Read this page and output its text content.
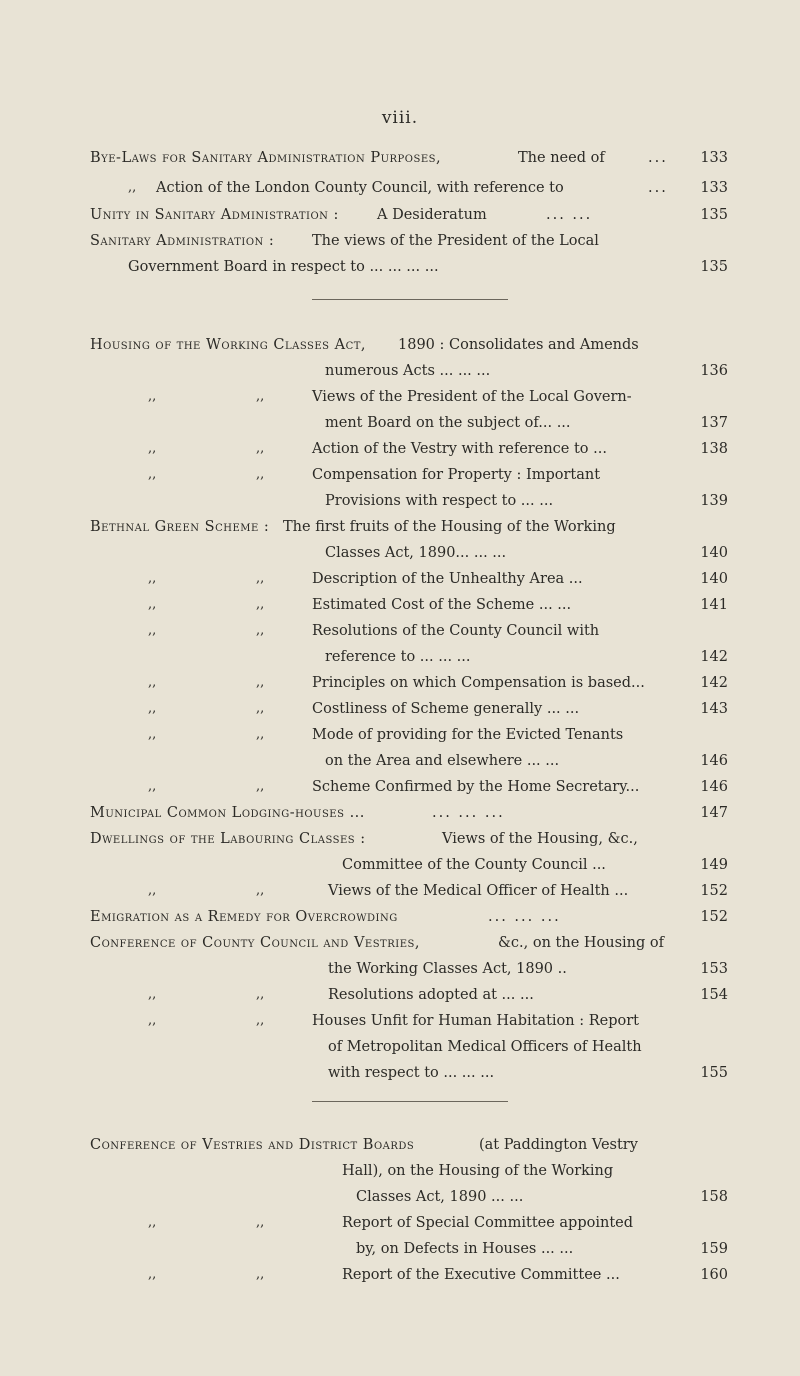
viii.
Bye-Laws for Sanitary Administration Purposes,	The need of	...	133
,, Action of the London County Council, with reference to	...	133
Unity in Sanitary Administration :	A Desideratum	... ...	135
Sanitary Administration :	The views of the President of the Local
Government Board in respect to ... ... ... ...	135
Housing of the Working Classes Act, 1890 : Consolidates and Amends
numerous Acts ... ... ...	136
,,	,,	Views of the President of the Local Govern-
ment Board on the subject of... ...	137
,,	,,	Action of the Vestry with reference to ...	138
,,	,,	Compensation for Property : Important
Provisions with respect to ... ...	139
Bethnal Green Scheme : The first fruits of the Housing of the Working
Classes Act, 1890... ... ...	140
,,	,,	Description of the Unhealthy Area ...	140
,,	,,	Estimated Cost of the Scheme ... ...	141
,,	,,	Resolutions of the County Council with
reference to ... ... ...	142
,,	,,	Principles on which Compensation is based...	142
,,	,,	Costliness of Scheme generally ... ...	143
,,	,,	Mode of providing for the Evicted Tenants
on the Area and elsewhere ... ...	146
,,	,,	Scheme Confirmed by the Home Secretary...	146
Municipal Common Lodging-houses ...	... ... ...	147
Dwellings of the Labouring Classes :	Views of the Housing, &c.,
Committee of the County Council ...	149
,,	,,	Views of the Medical Officer of Health ...	152
Emigration as a Remedy for Overcrowding	... ... ...	152
Conference of County Council and Vestries,	&c., on the Housing of
the Working Classes Act, 1890 ..	153
,,	,,	Resolutions adopted at ... ...	154
,,	,,	Houses Unfit for Human Habitation : Report
of Metropolitan Medical Officers of Health
with respect to ... ... ...	155
Conference of Vestries and District Boards	(at Paddington Vestry
Hall), on the Housing of the Working
Classes Act, 1890 ... ...	158
,,	,,	Report of Special Committee appointed
by, on Defects in Houses ... ...	159
,,	,,	Report of the Executive Committee ...	160
